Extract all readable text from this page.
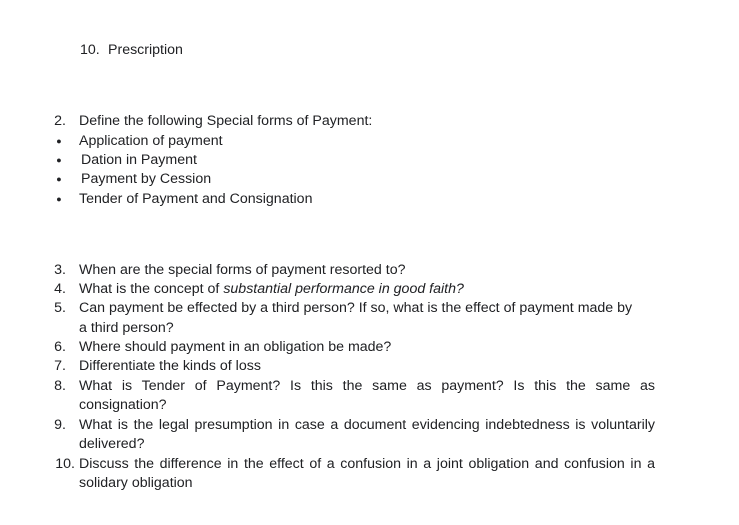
10. Prescription
2. Define the following Special forms of Payment:
●	Application of payment
●	Dation in Payment
●	Payment by Cession
●	Tender of Payment and Consignation
3. When are the special forms of payment resorted to?
4. What is the concept of substantial performance in good faith?
5. Can payment be effected by a third person? If so, what is the effect of payment made by
a third person?
6. Where should payment in an obligation be made?
7. Differentiate the kinds of loss
8. What is Tender of Payment? Is this the same as payment? Is this the same as
consignation?
9. What is the legal presumption in case a document evidencing indebtedness is voluntarily
delivered?
10. Discuss the difference in the effect of a confusion in a joint obligation and confusion in a
solidary obligation
